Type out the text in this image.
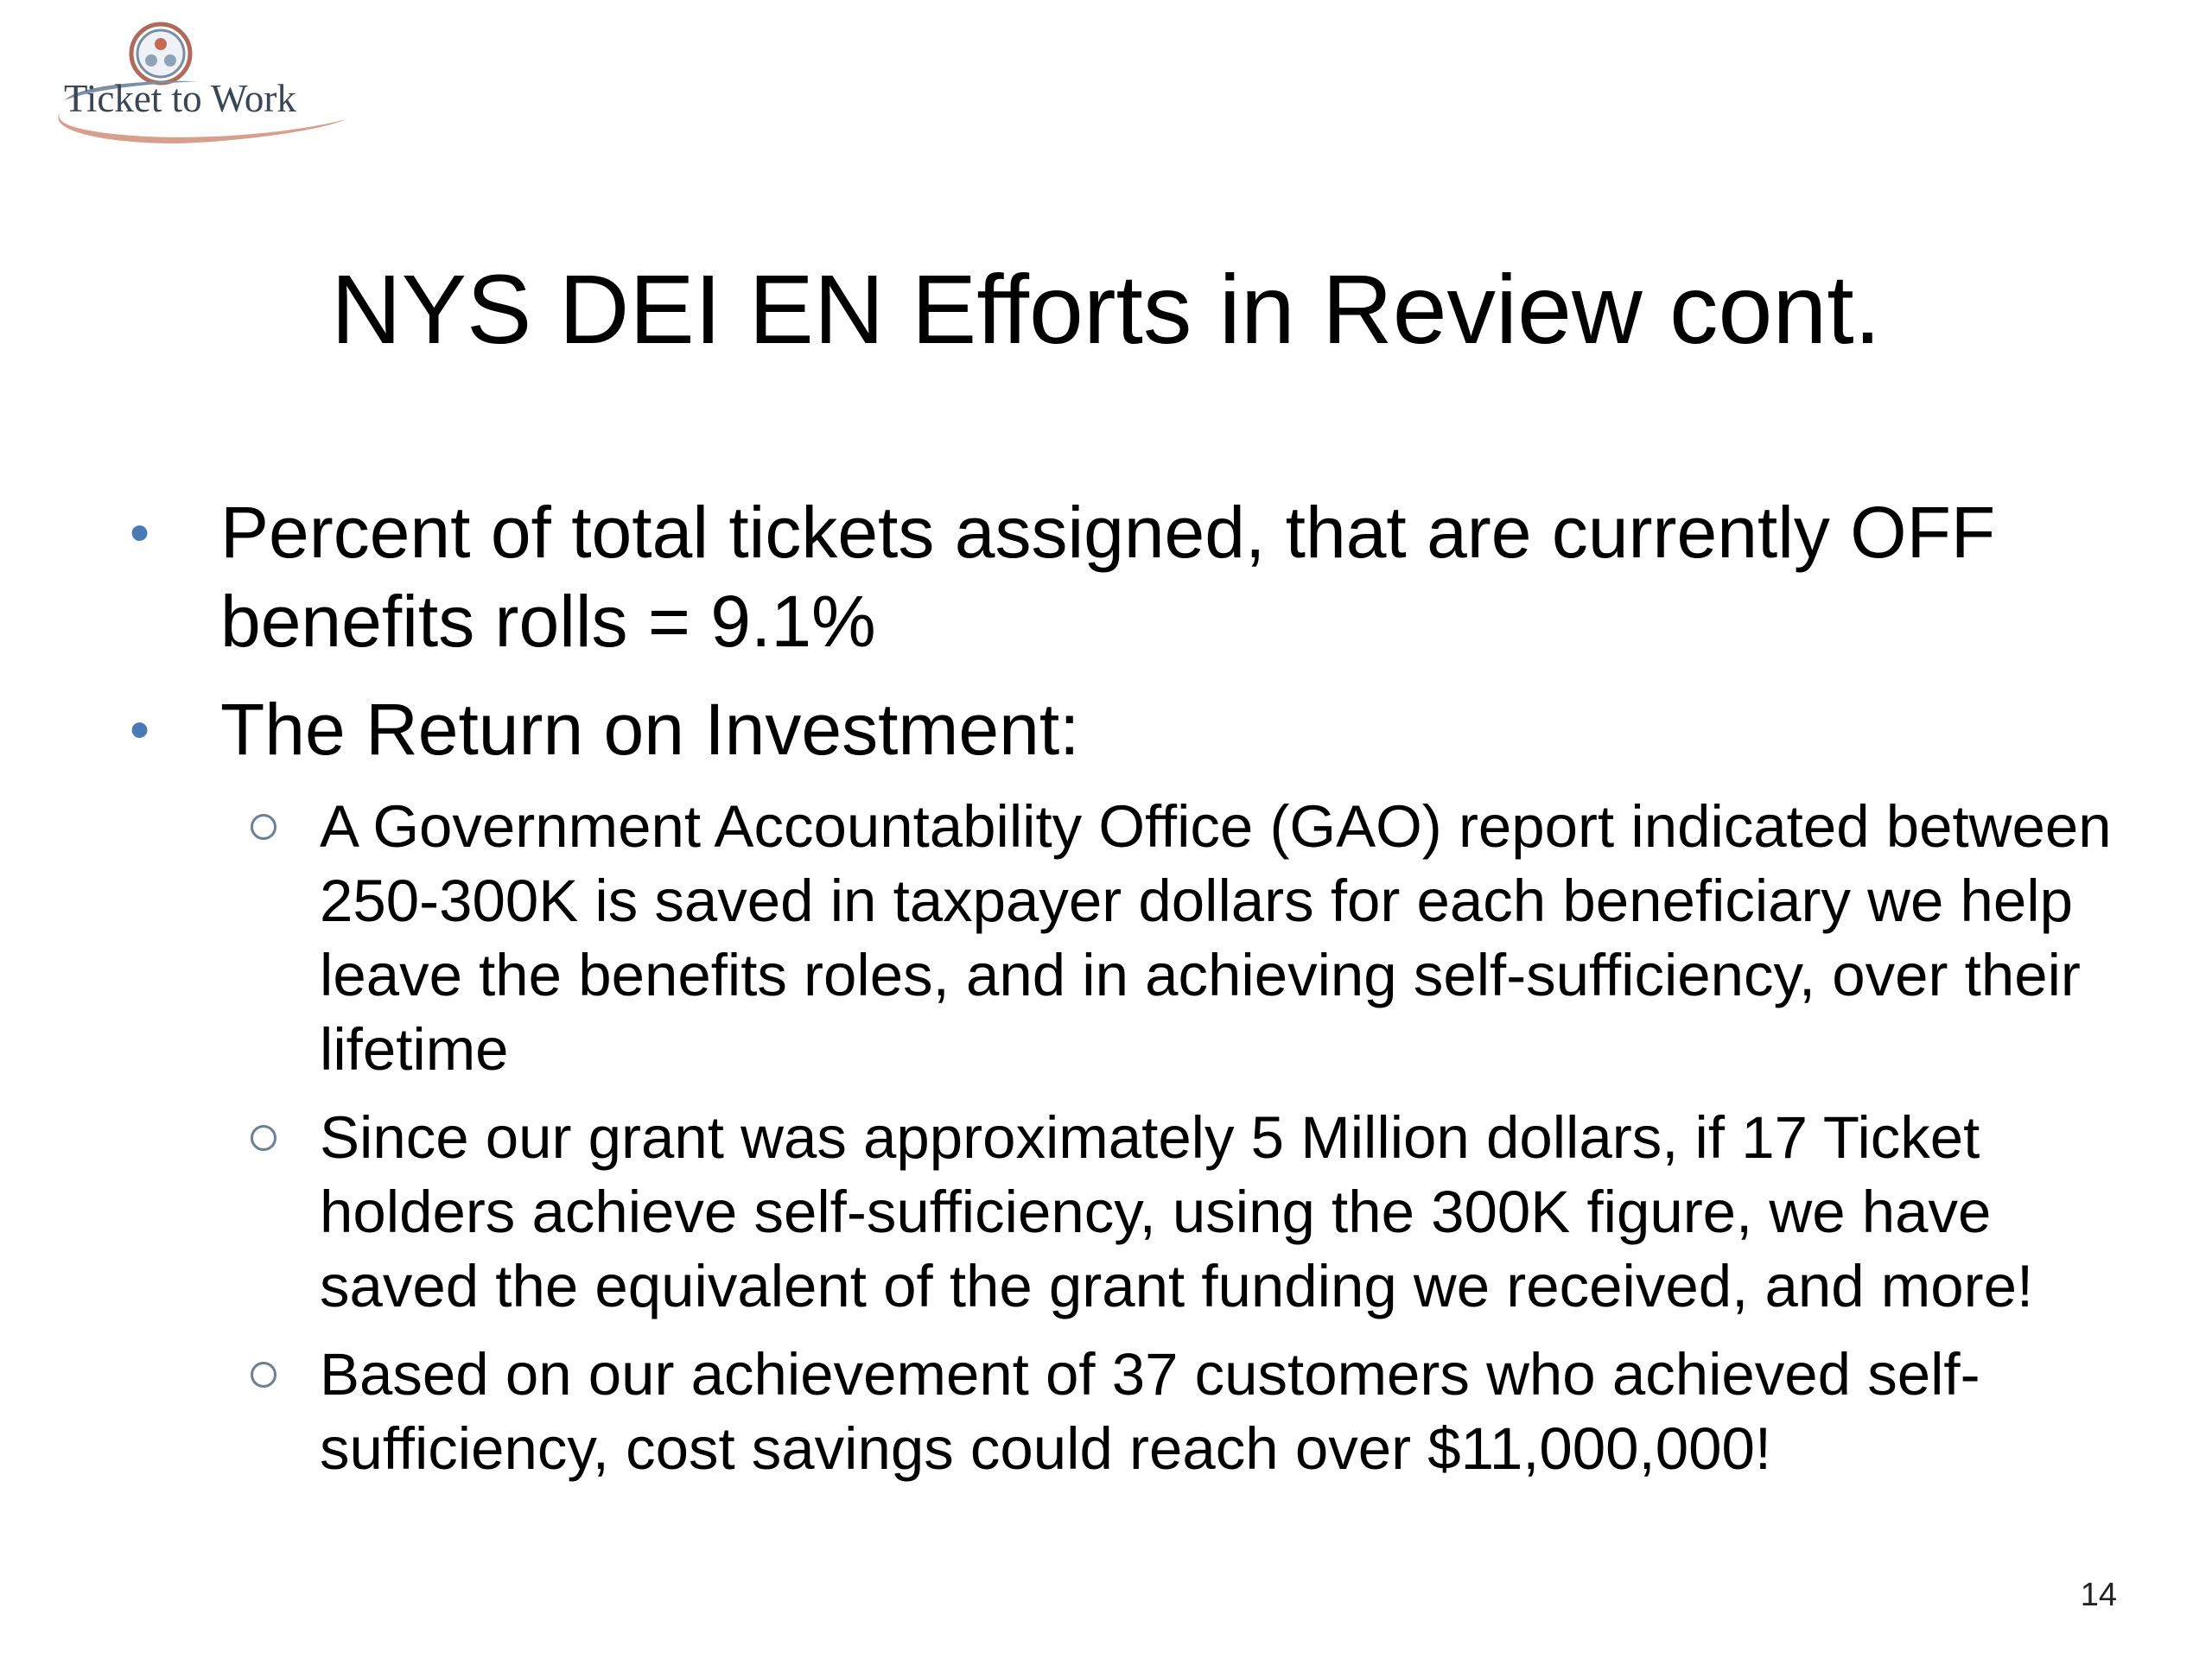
Ticket to Work
NYS DEI EN Efforts in Review cont.
• Percent of total tickets assigned, that are currently OFF benefits rolls = 9.1%
• The Return on Investment:
A Government Accountability Office (GAO) report indicated between 250-300K is saved in taxpayer dollars for each beneficiary we help leave the benefits roles, and in achieving self-sufficiency, over their lifetime
Since our grant was approximately 5 Million dollars, if 17 Ticket holders achieve self-sufficiency, using the 300K figure, we have saved the equivalent of the grant funding we received, and more!
Based on our achievement of 37 customers who achieved self-sufficiency, cost savings could reach over $11,000,000!
14
